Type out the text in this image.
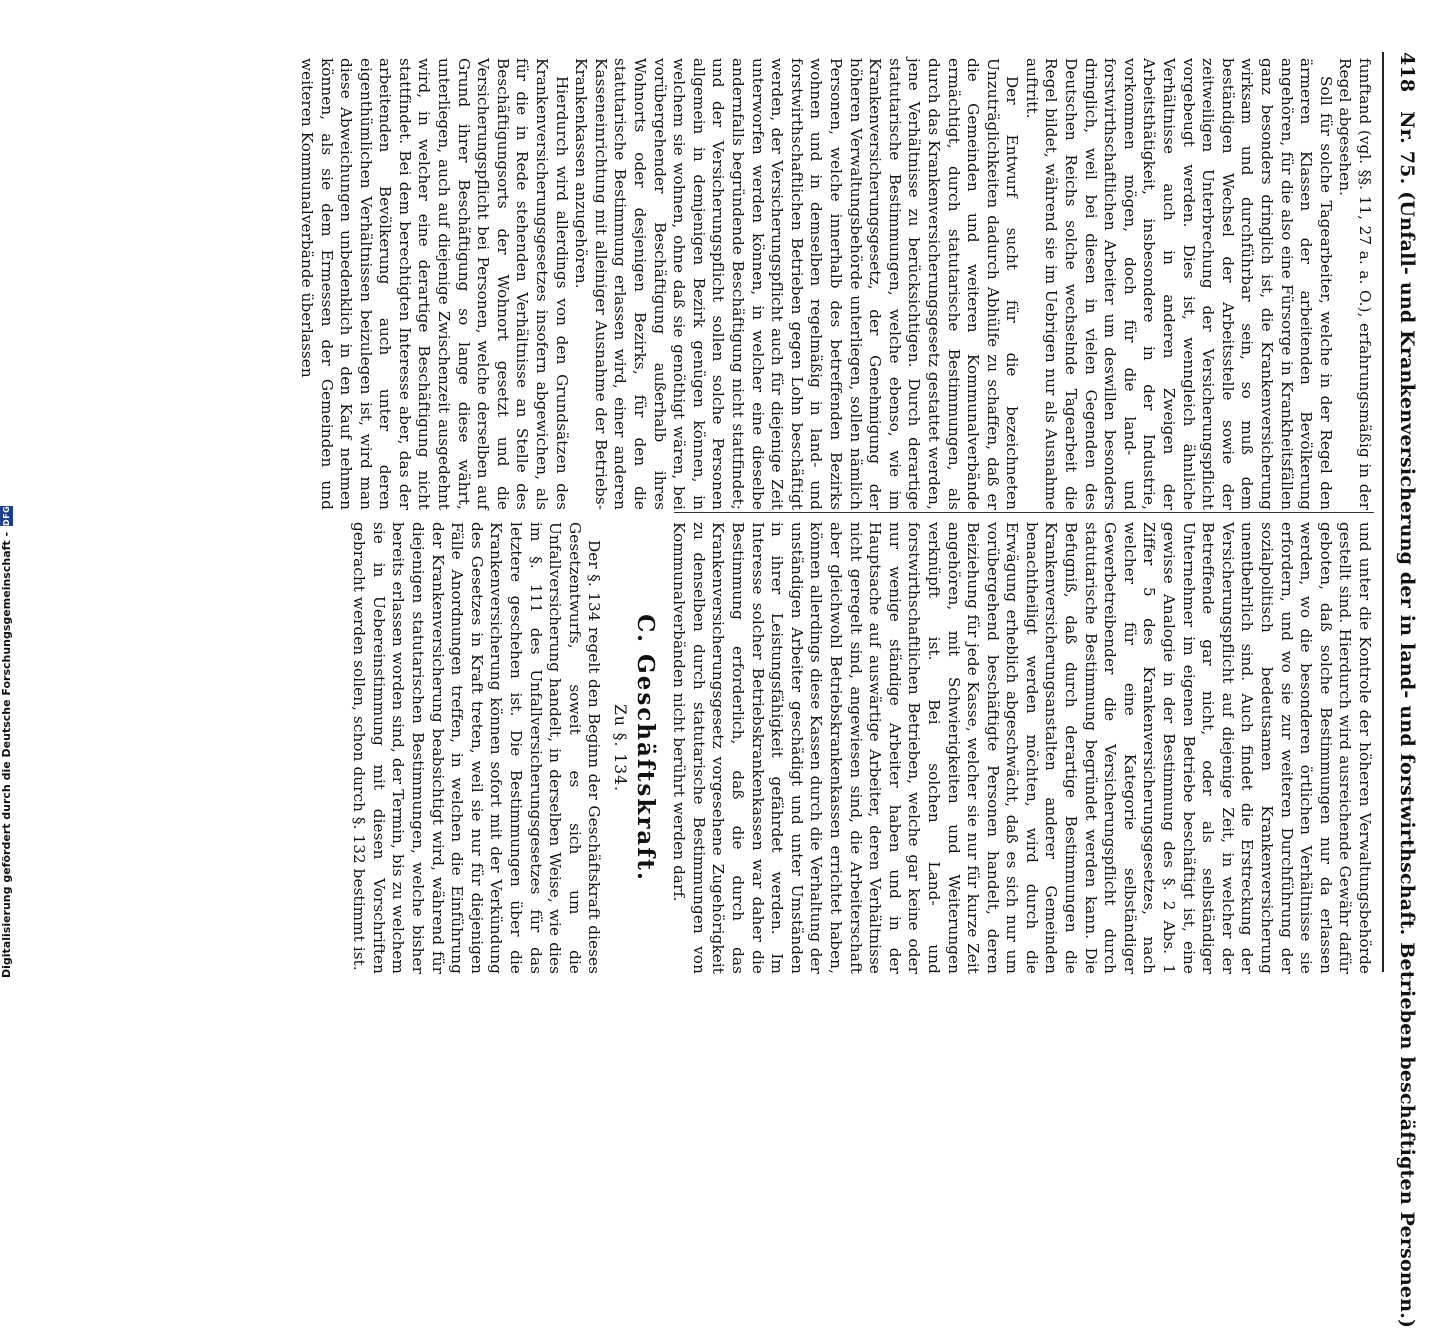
418 Nr. 75. (Unfall- und Krankenversicherung der in land- und forstwirthschaft. Betrieben beschäftigten Personen.)

funftand (vgl. §§. 11, 27 a. a. O.), erfahrungsmäßig in der Regel abgesehen.

Soll für solche Tagearbeiter, welche in der Regel den ärmeren Klassen der arbeitenden Bevölkerung angehören, für die also eine Fürsorge in Krankheitsfällen ganz besonders dringlich ist, die Krankenversicherung wirksam und durchführbar sein, so muß dem beständigen Wechsel der Arbeitsstelle sowie der zeitweiligen Unterbrechung der Versicherungspflicht vorgebeugt werden. Dies ist, wenngleich ähnliche Verhältnisse auch in anderen Zweigen der Arbeitsthätigkeit, insbesondere in der Industrie, vorkommen mögen, doch für die land- und forstwirthschaftlichen Arbeiter um deswillen besonders dringlich, weil bei diesen in vielen Gegenden des Deutschen Reichs solche wechselnde Tagearbeit die Regel bildet, während sie im Uebrigen nur als Ausnahme auftritt.

Der Entwurf sucht für die bezeichneten Unzuträglichkeiten dadurch Abhülfe zu schaffen, daß er die Gemeinden und weiteren Kommunalverbände ermächtigt, durch statutarische Bestimmungen, als durch das Krankenversicherungsgesetz gestattet werden, jene Verhältnisse zu berücksichtigen. Durch derartige statutarische Bestimmungen, welche ebenso, wie im Krankenversicherungsgesetz, der Genehmigung der höheren Verwaltungsbehörde unterliegen, sollen nämlich Personen, welche innerhalb des betreffenden Bezirks wohnen und in demselben regelmäßig in land- und forstwirthschaftlichen Betrieben gegen Lohn beschäftigt werden, der Versicherungspflicht auch für diejenige Zeit unterworfen werden können, in welcher eine dieselbe andernfalls begründende Beschäftigung nicht stattfindet; und der Versicherungspflicht sollen solche Personen allgemein in demjenigen Bezirk genügen können, in welchem sie wohnen, ohne daß sie genöthigt wären, bei vorübergehender Beschäftigung außerhalb ihres Wohnorts oder desjenigen Bezirks, für den die statutarische Bestimmung erlassen wird, einer anderen Kasseneinrichtung mit alleiniger Ausnahme der Betriebs-Krankenkassen anzugehören.

Hierdurch wird allerdings von den Grundsätzen des Krankenversicherungsgesetzes insofern abgewichen, als für die in Rede stehenden Verhältnisse an Stelle des Beschäftigungsorts der Wohnort gesetzt und die Versicherungspflicht bei Personen, welche derselben auf Grund ihrer Beschäftigung so lange diese währt, unterliegen, auch auf diejenige Zwischenzeit ausgedehnt wird, in welcher eine derartige Beschäftigung nicht stattfindet. Bei dem berechtigten Interesse aber, das der arbeitenden Bevölkerung auch unter deren eigenthümlichen Verhältnissen beizulegen ist, wird man diese Abweichungen unbedenklich in den Kauf nehmen können, als sie dem Ermessen der Gemeinden und weiteren Kommunalverbände überlassen

und unter die Kontrole der höheren Verwaltungsbehörde gestellt sind. Hierdurch wird ausreichende Gewähr dafür geboten, daß solche Bestimmungen nur da erlassen werden, wo die besonderen örtlichen Verhältnisse sie erfordern, und wo sie zur weiteren Durchführung der sozialpolitisch bedeutsamen Krankenversicherung unentbehrlich sind. Auch findet die Erstreckung der Versicherungspflicht auf diejenige Zeit, in welcher der Betreffende gar nicht, oder als selbständiger Unternehmer im eigenen Betriebe beschäftigt ist, eine gewisse Analogie in der Bestimmung des §. 2 Abs. 1 Ziffer 5 des Krankenversicherungsgesetzes, nach welcher für eine Kategorie selbständiger Gewerbetreibender die Versicherungspflicht durch statutarische Bestimmung begründet werden kann. Die Befugniß, daß durch derartige Bestimmungen die Krankenversicherungsanstalten anderer Gemeinden benachtheiligt werden möchten, wird durch die Erwägung erheblich abgeschwächt, daß es sich nur um vorübergehend beschäftigte Personen handelt, deren Beiziehung für jede Kasse, welcher sie nur für kurze Zeit angehören, mit Schwierigkeiten und Weiterungen verknüpft ist. Bei solchen Land- und forstwirthschaftlichen Betrieben, welche gar keine oder nur wenige ständige Arbeiter haben und in der Hauptsache auf auswärtige Arbeiter, deren Verhältnisse nicht geregelt sind, angewiesen sind, die Arbeiterschaft aber gleichwohl Betriebskrankenkassen errichtet haben, können allerdings diese Kassen durch die Verhaltung der unständigen Arbeiter geschädigt und unter Umständen in ihrer Leistungsfähigkeit gefährdet werden. Im Interesse solcher Betriebskrankenkassen war daher die Bestimmung erforderlich, daß die durch das Krankenversicherungsgesetz vorgesehene Zugehörigkeit zu denselben durch statutarische Bestimmungen von Kommunalverbänden nicht berührt werden darf.

C. Geschäftskraft.
Zu §. 134.

Der §. 134 regelt den Beginn der Geschäftskraft dieses Gesetzentwurfs, soweit es sich um die Unfallversicherung handelt, in derselben Weise, wie dies im §. 111 des Unfallversicherungsgesetzes für das letztere geschehen ist. Die Bestimmungen über die Krankenversicherung können sofort mit der Verkündung des Gesetzes in Kraft treten, weil sie nur für diejenigen Fälle Anordnungen treffen, in welchen die Einführung der Krankenversicherung beabsichtigt wird, während für diejenigen statutarischen Bestimmungen, welche bisher bereits erlassen worden sind, der Termin, bis zu welchem sie in Uebereinstimmung mit diesen Vorschriften gebracht werden sollen, schon durch §. 132 bestimmt ist.

Digitalisierung gefördert durch die Deutsche Forschungsgemeinschaft -
DFG
